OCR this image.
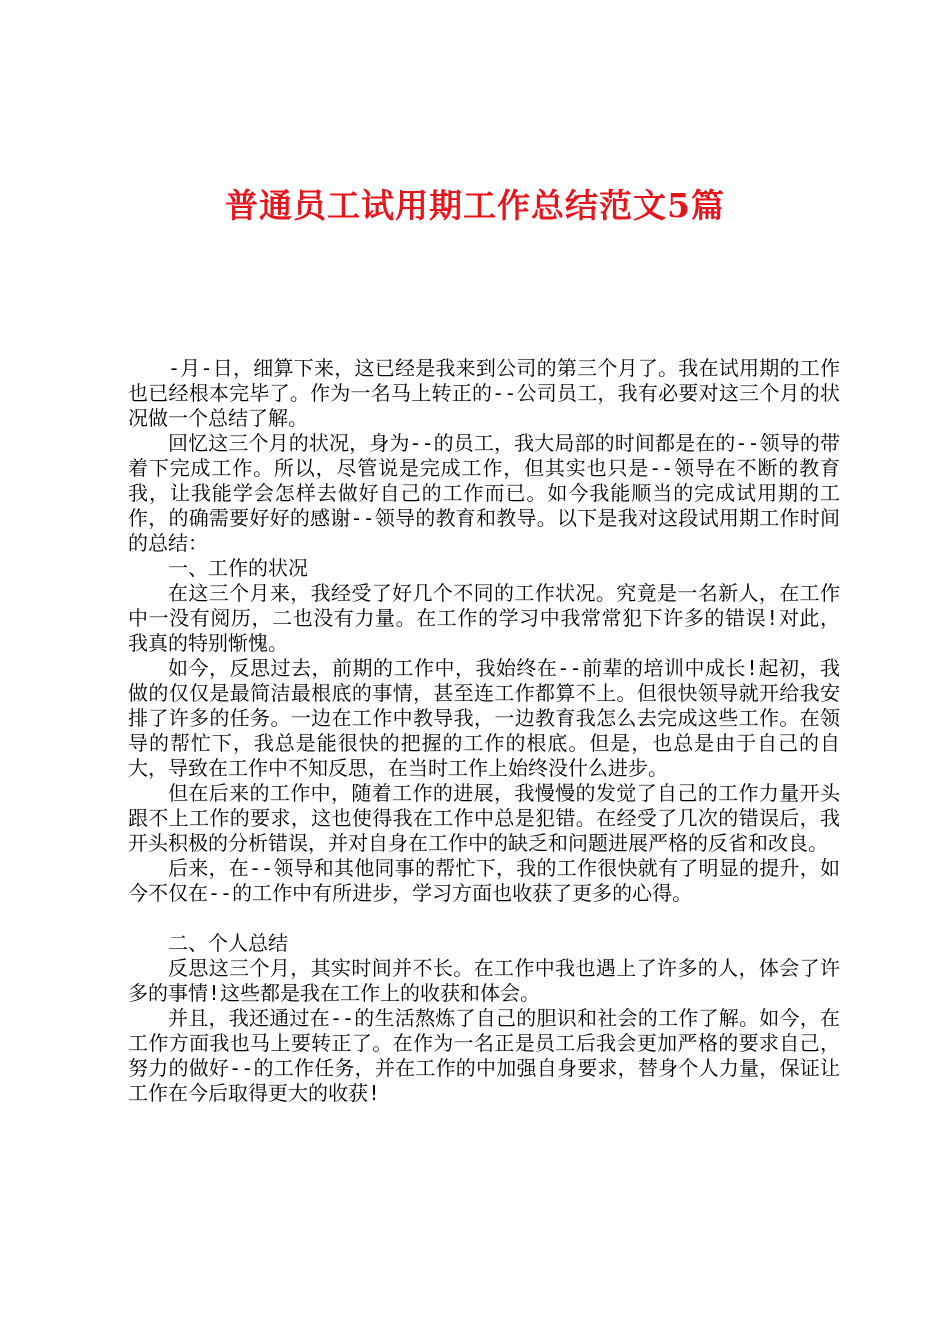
普通员工试用期工作总结范文5篇

-月-日，细算下来，这已经是我来到公司的第三个月了。我在试用期的工作也已经根本完毕了。作为一名马上转正的--公司员工，我有必要对这三个月的状况做一个总结了解。

回忆这三个月的状况，身为--的员工，我大局部的时间都是在的--领导的带着下完成工作。所以，尽管说是完成工作，但其实也只是--领导在不断的教育我，让我能学会怎样去做好自己的工作而已。如今我能顺当的完成试用期的工作，的确需要好好的感谢--领导的教育和教导。以下是我对这段试用期工作时间的总结：

一、工作的状况

在这三个月来，我经受了好几个不同的工作状况。究竟是一名新人，在工作中一没有阅历，二也没有力量。在工作的学习中我常常犯下许多的错误!对此，我真的特别惭愧。

如今，反思过去，前期的工作中，我始终在--前辈的培训中成长!起初，我做的仅仅是最简洁最根底的事情，甚至连工作都算不上。但很快领导就开给我安排了许多的任务。一边在工作中教导我，一边教育我怎么去完成这些工作。在领导的帮忙下，我总是能很快的把握的工作的根底。但是，也总是由于自己的自大，导致在工作中不知反思，在当时工作上始终没什么进步。

但在后来的工作中，随着工作的进展，我慢慢的发觉了自己的工作力量开头跟不上工作的要求，这也使得我在工作中总是犯错。在经受了几次的错误后，我开头积极的分析错误，并对自身在工作中的缺乏和问题进展严格的反省和改良。

后来，在--领导和其他同事的帮忙下，我的工作很快就有了明显的提升，如今不仅在--的工作中有所进步，学习方面也收获了更多的心得。

二、个人总结

反思这三个月，其实时间并不长。在工作中我也遇上了许多的人，体会了许多的事情!这些都是我在工作上的收获和体会。

并且，我还通过在--的生活熬炼了自己的胆识和社会的工作了解。如今，在工作方面我也马上要转正了。在作为一名正是员工后我会更加严格的要求自己，努力的做好--的工作任务，并在工作的中加强自身要求，替身个人力量，保证让工作在今后取得更大的收获!
